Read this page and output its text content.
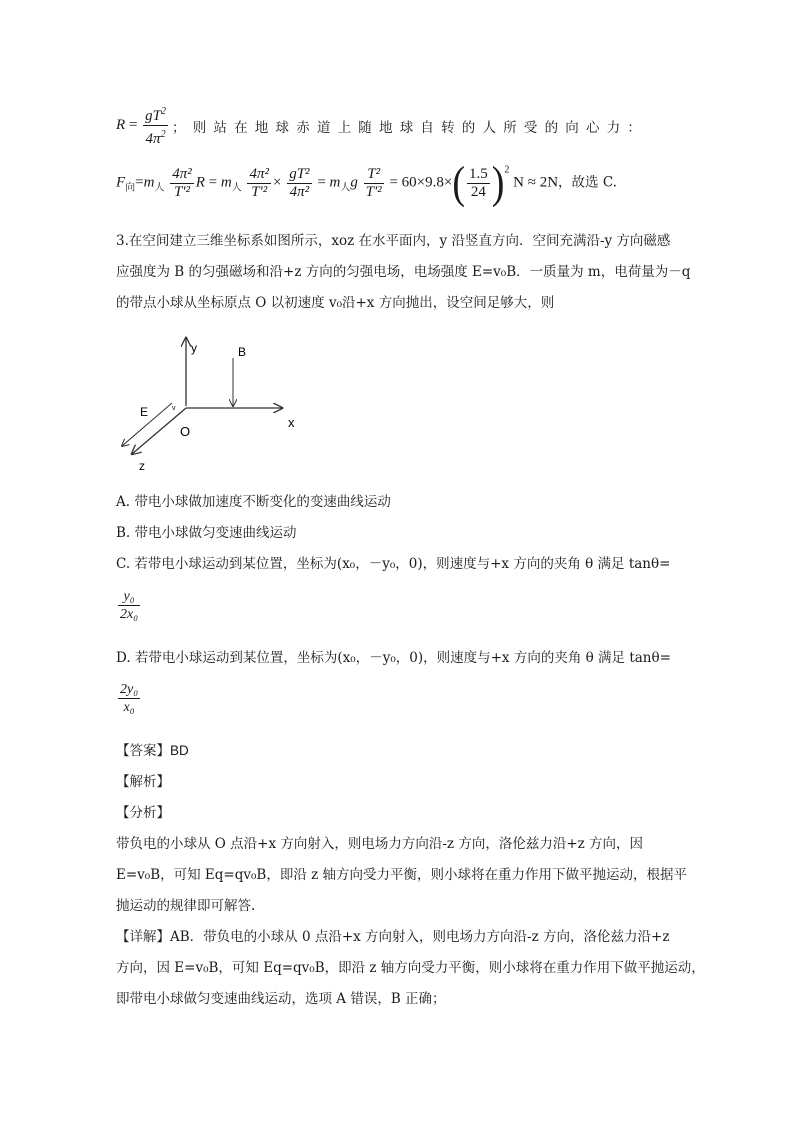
$R = \frac{gT^2}{4\pi^2}$ ；则站在地球赤道上随地球自转的人所受的向心力：
$F_向=m_人 \frac{\text{4π²}}{\text{T'²}}$ $R = m_人 \frac{\text{4π²}}{\text{T'²}} \times \frac{\text{gT²}}{\text{4π²}} = m_人g \frac{\text{T²}}{\text{T'²}} = 60\times 9.8\times( \frac{1.5}{24} )^2$ N ≈ 2N，故选 C.
3.在空间建立三维坐标系如图所示，xoz 在水平面内，y 沿竖直方向．空间充满沿-y 方向磁感
应强度为 B 的匀强磁场和沿+z 方向的匀强电场，电场强度 E=v₀B．一质量为 m，电荷量为－q
的带点小球从坐标原点 O 以初速度 v₀沿+x 方向抛出，设空间足够大，则
y	B
E
O
x
z
v
A. 带电小球做加速度不断变化的变速曲线运动
B. 带电小球做匀变速曲线运动
C. 若带电小球运动到某位置，坐标为(x₀，－y₀，0)，则速度与+x 方向的夹角 θ 满足 tanθ=
$\frac{\text{y₀}}{\text{2x₀}}$
D. 若带电小球运动到某位置，坐标为(x₀，－y₀，0)，则速度与+x 方向的夹角 θ 满足 tanθ=
$\frac{\text{2y₀}}{\text{x₀}}$
【答案】BD
【解析】
【分析】
带负电的小球从 O 点沿+x 方向射入，则电场力方向沿-z 方向，洛伦兹力沿+z 方向，因
E=v₀B，可知 Eq=qv₀B，即沿 z 轴方向受力平衡，则小球将在重力作用下做平抛运动，根据平
抛运动的规律即可解答.
【详解】AB．带负电的小球从 0 点沿+x 方向射入，则电场力方向沿-z 方向，洛伦兹力沿+z
方向，因 E=v₀B，可知 Eq=qv₀B，即沿 z 轴方向受力平衡，则小球将在重力作用下做平抛运动，
即带电小球做匀变速曲线运动，选项 A 错误，B 正确；
